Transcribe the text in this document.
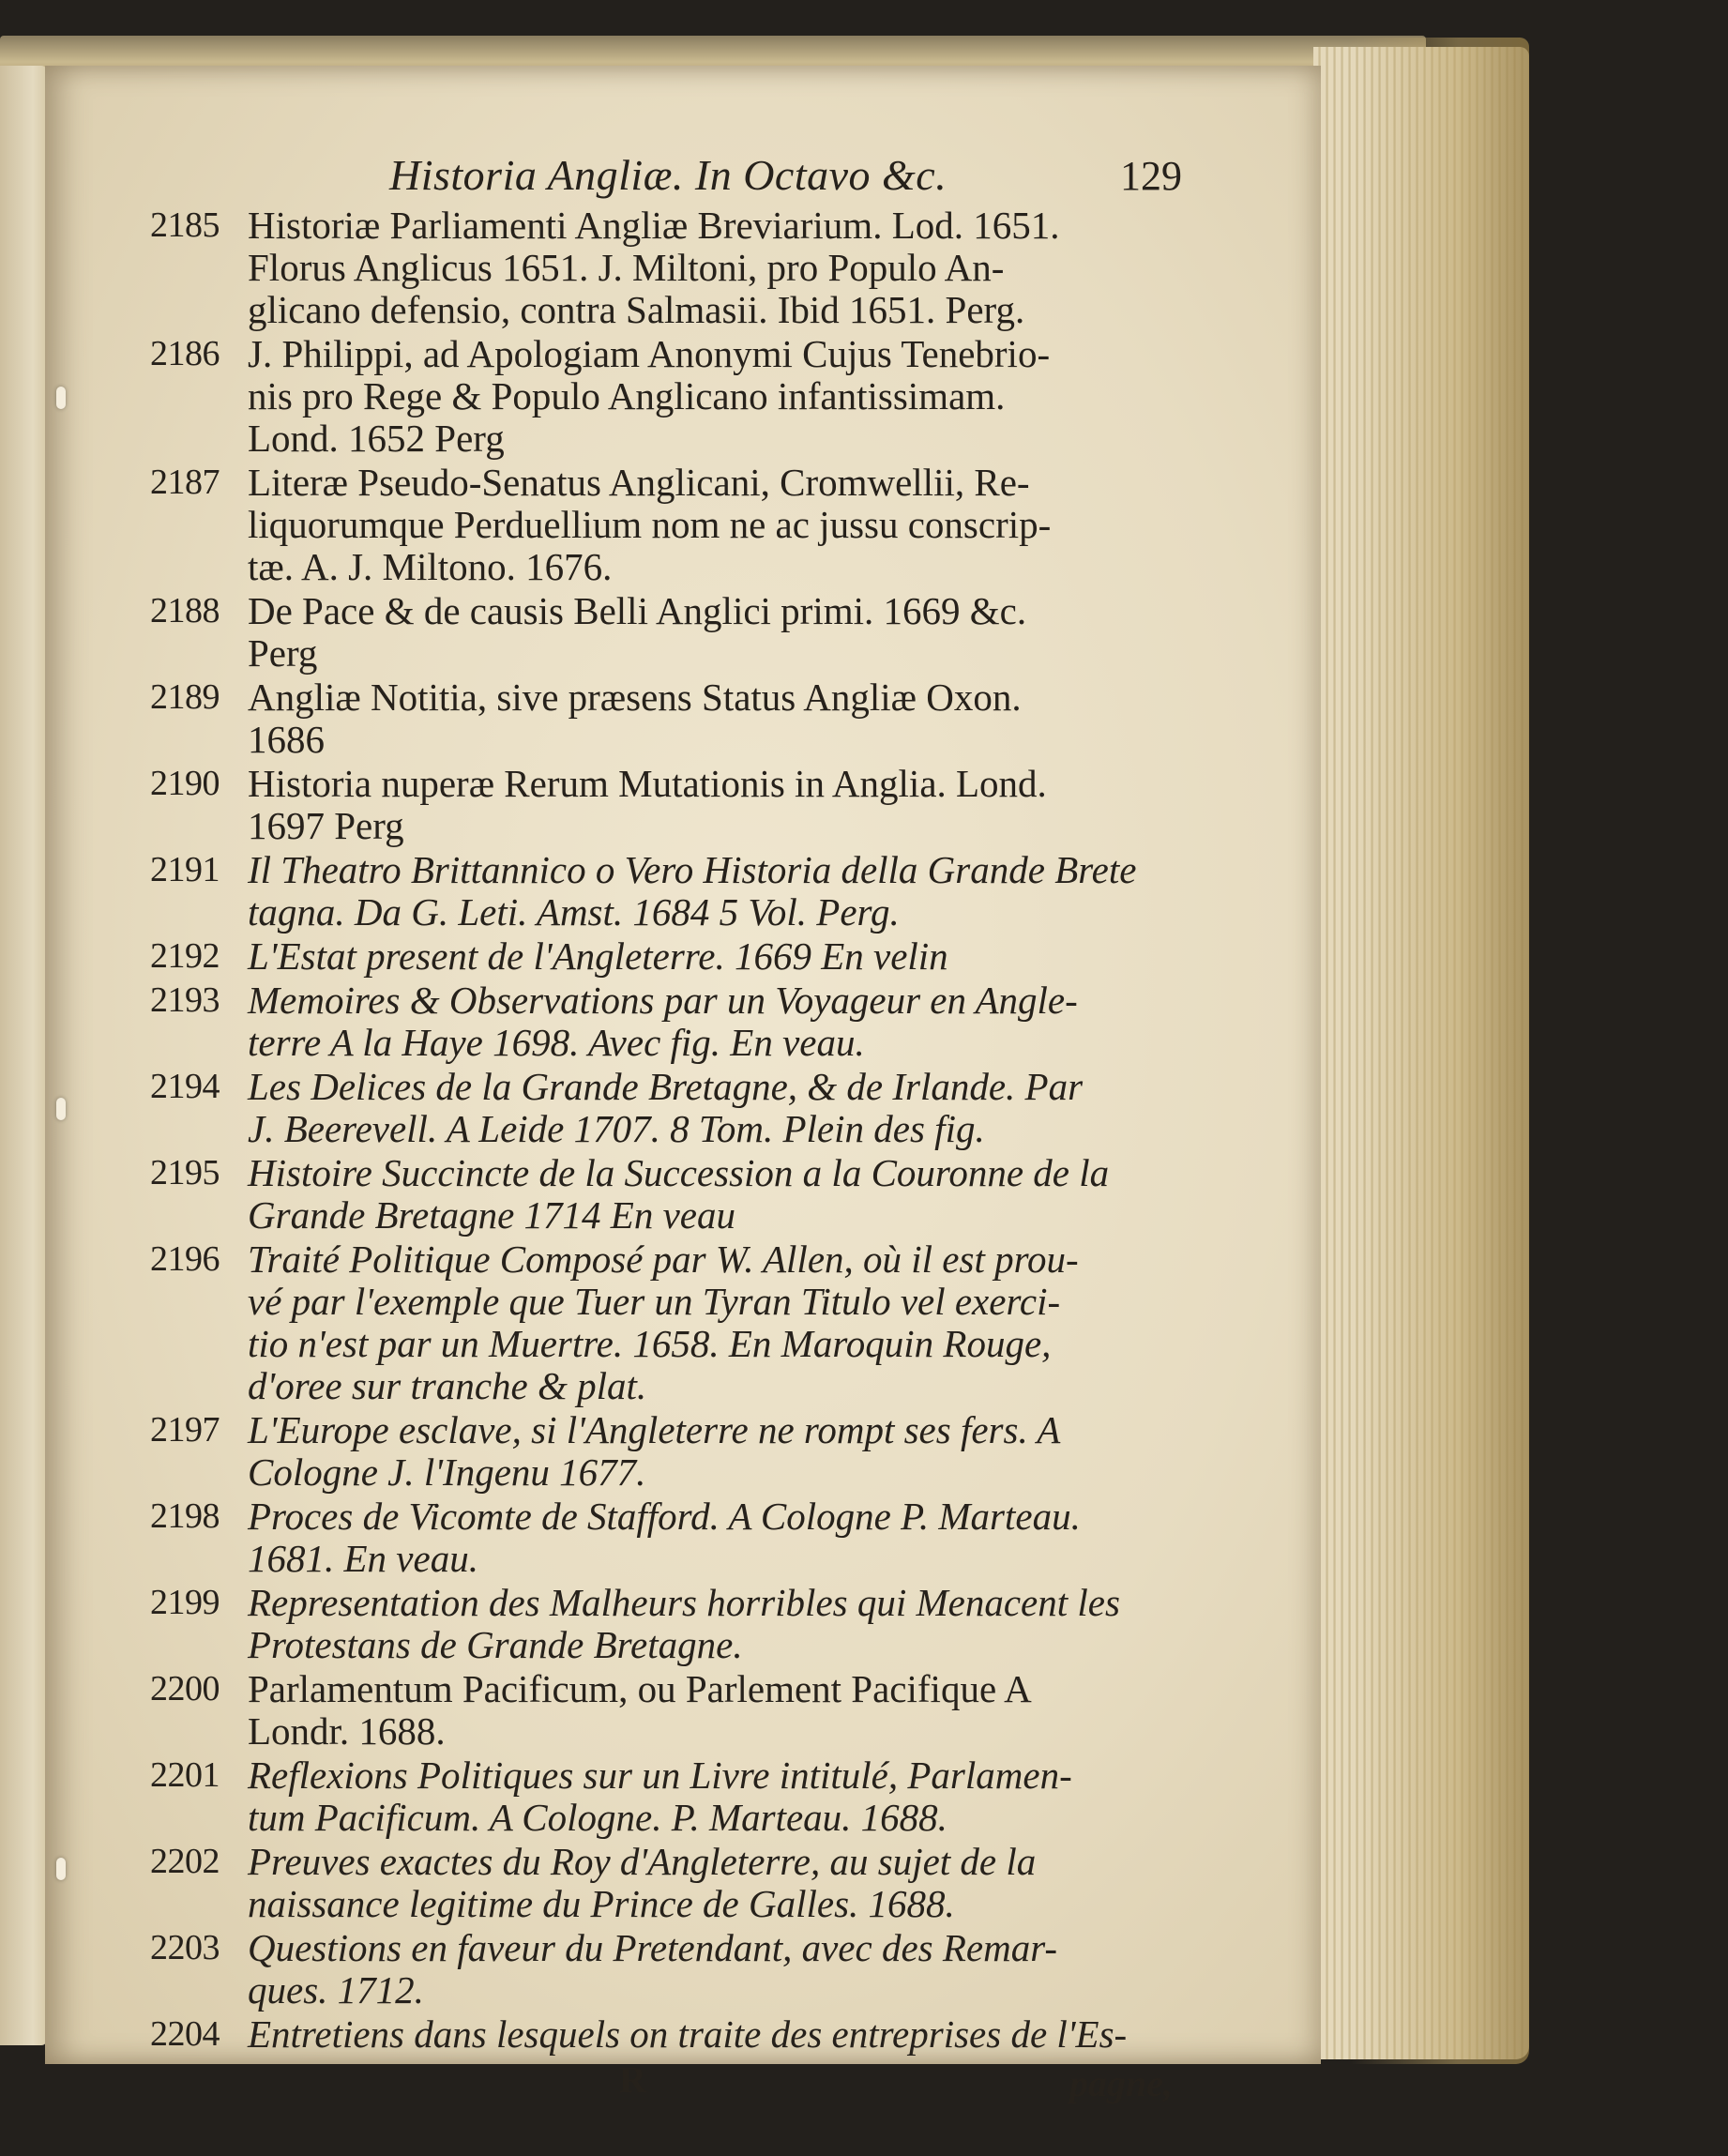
Historia Angliæ. In Octavo &c.	129
2185 Historiæ Parliamenti Angliæ Breviarium. Lod. 1651.
Florus Anglicus 1651. J. Miltoni, pro Populo An-
glicano defensio, contra Salmasii. Ibid 1651. Perg.
2186 J. Philippi, ad Apologiam Anonymi Cujus Tenebrio-
nis pro Rege & Populo Anglicano infantissimam.
Lond. 1652 Perg
2187 Literæ Pseudo-Senatus Anglicani, Cromwellii, Re-
liquorumque Perduellium nom ne ac jussu conscrip-
tæ. A. J. Miltono. 1676.
2188 De Pace & de causis Belli Anglici primi. 1669 &c.
Perg
2189 Angliæ Notitia, sive præsens Status Angliæ Oxon.
1686
2190 Historia nuperæ Rerum Mutationis in Anglia. Lond.
1697 Perg
2191 Il Theatro Brittannico o Vero Historia della Grande Brete
tagna. Da G. Leti. Amst. 1684 5 Vol. Perg.
2192 L'Estat present de l'Angleterre. 1669 En velin
2193 Memoires & Observations par un Voyageur en Angle-
terre A la Haye 1698. Avec fig. En veau.
2194 Les Delices de la Grande Bretagne, & de Irlande. Par
J. Beerevell. A Leide 1707. 8 Tom. Plein des fig.
2195 Histoire Succincte de la Succession a la Couronne de la
Grande Bretagne 1714 En veau
2196 Traité Politique Composé par W. Allen, où il est prou-
vé par l'exemple que Tuer un Tyran Titulo vel exerci-
tio n'est par un Muertre. 1658. En Maroquin Rouge,
d'oree sur tranche & plat.
2197 L'Europe esclave, si l'Angleterre ne rompt ses fers. A
Cologne J. l'Ingenu 1677.
2198 Proces de Vicomte de Stafford. A Cologne P. Marteau.
1681. En veau.
2199 Representation des Malheurs horribles qui Menacent les
Protestans de Grande Bretagne.
2200 Parlamentum Pacificum, ou Parlement Pacifique A
Londr. 1688.
2201 Reflexions Politiques sur un Livre intitulé, Parlamen-
tum Pacificum. A Cologne. P. Marteau. 1688.
2202 Preuves exactes du Roy d'Angleterre, au sujet de la
naissance legitime du Prince de Galles. 1688.
2203 Questions en faveur du Pretendant, avec des Remar-
ques. 1712.
2204 Entretiens dans lesquels on traite des entreprises de l'Es-
R	pagne,
